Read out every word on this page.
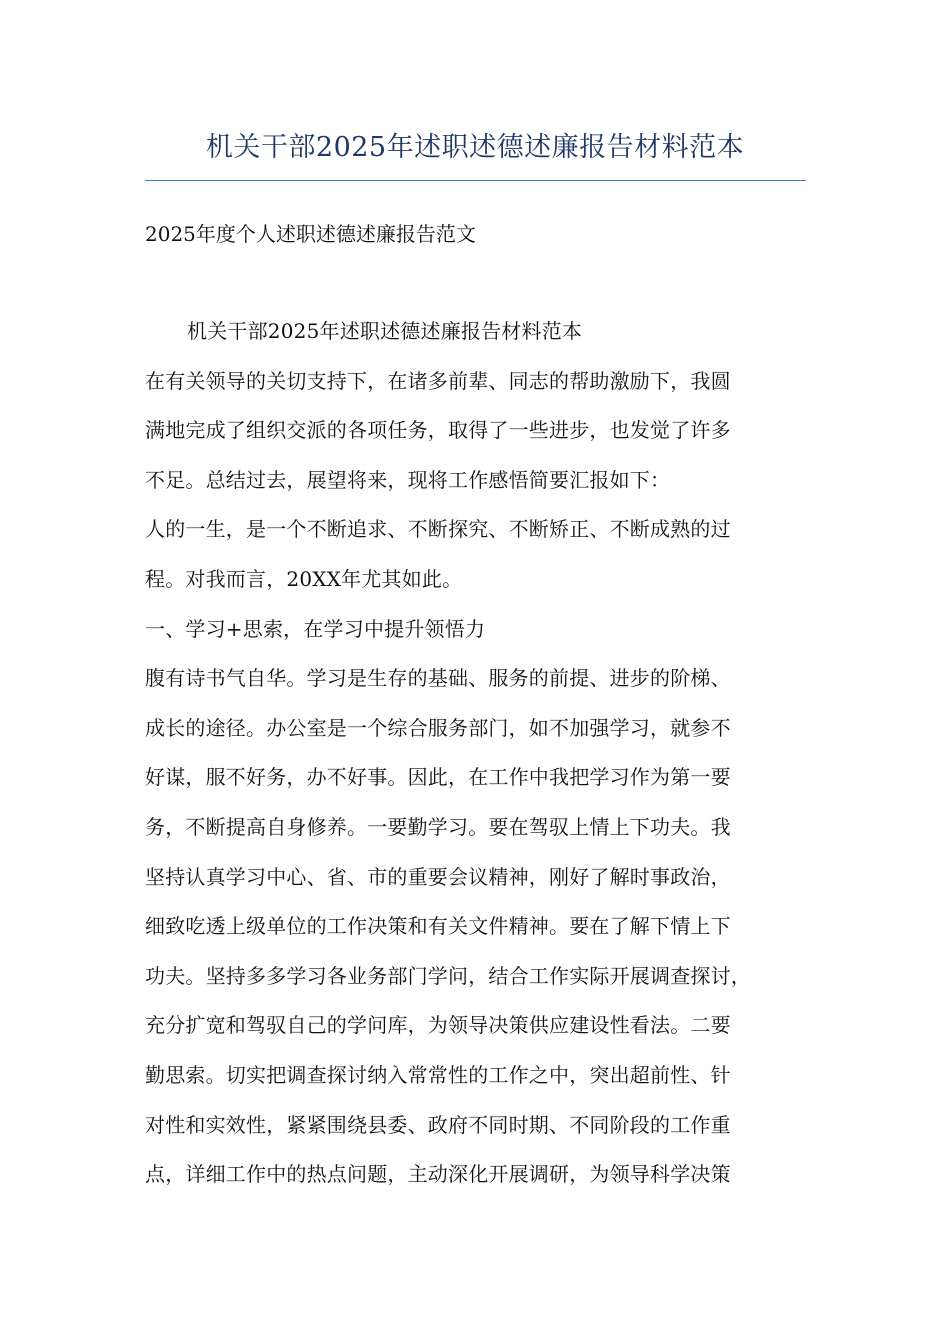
机关干部2025年述职述德述廉报告材料范本
2025年度个人述职述德述廉报告范文
机关干部2025年述职述德述廉报告材料范本
在有关领导的关切支持下，在诸多前辈、同志的帮助激励下，我圆
满地完成了组织交派的各项任务，取得了一些进步，也发觉了许多
不足。总结过去，展望将来，现将工作感悟简要汇报如下：
人的一生，是一个不断追求、不断探究、不断矫正、不断成熟的过
程。对我而言，20XX年尤其如此。
一、学习+思索，在学习中提升领悟力
腹有诗书气自华。学习是生存的基础、服务的前提、进步的阶梯、
成长的途径。办公室是一个综合服务部门，如不加强学习，就参不
好谋，服不好务，办不好事。因此，在工作中我把学习作为第一要
务，不断提高自身修养。一要勤学习。要在驾驭上情上下功夫。我
坚持认真学习中心、省、市的重要会议精神，刚好了解时事政治，
细致吃透上级单位的工作决策和有关文件精神。要在了解下情上下
功夫。坚持多多学习各业务部门学问，结合工作实际开展调查探讨，
充分扩宽和驾驭自己的学问库，为领导决策供应建设性看法。二要
勤思索。切实把调查探讨纳入常常性的工作之中，突出超前性、针
对性和实效性，紧紧围绕县委、政府不同时期、不同阶段的工作重
点，详细工作中的热点问题，主动深化开展调研，为领导科学决策
